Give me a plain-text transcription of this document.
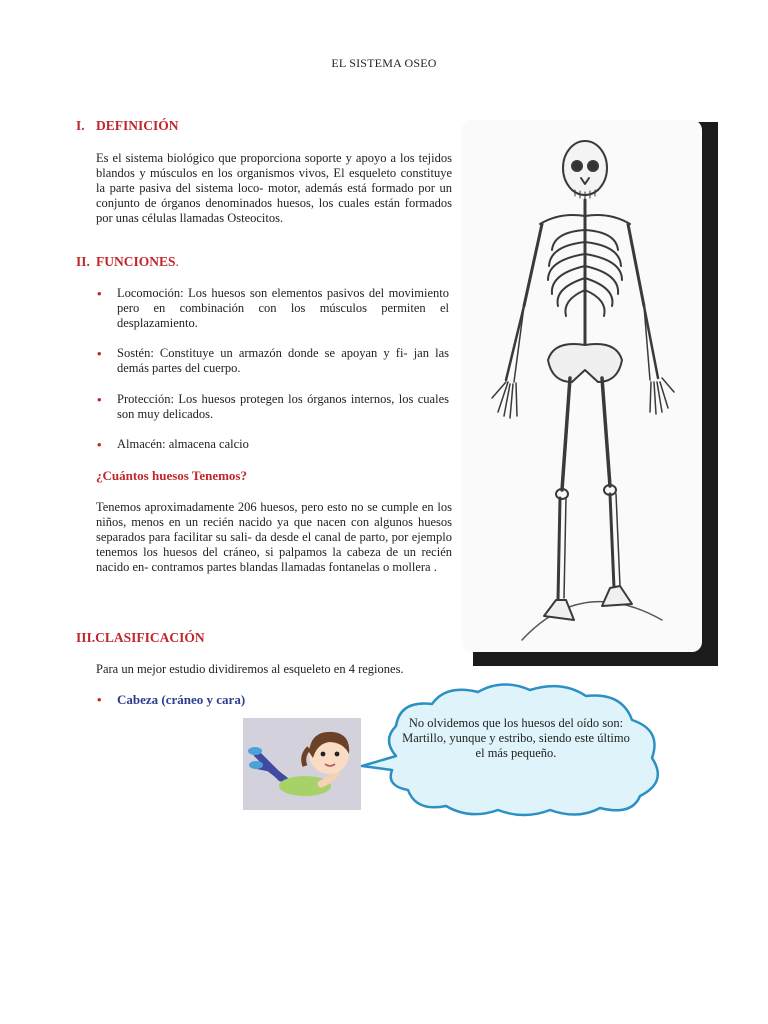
EL SISTEMA OSEO
I. DEFINICIÓN
Es el sistema biológico que proporciona soporte y apoyo a los tejidos blandos y músculos en los organismos vivos, El esqueleto constituye la parte pasiva del sistema loco- motor, además está formado por un conjunto de órganos denominados huesos, los cuales están formados por unas células llamadas Osteocitos.
II. FUNCIONES.
• Locomoción: Los huesos son elementos pasivos del movimiento pero en combinación con los músculos permiten el desplazamiento.
• Sostén: Constituye un armazón donde se apoyan y fi- jan las demás partes del cuerpo.
• Protección: Los huesos protegen los órganos internos, los cuales son muy delicados.
• Almacén: almacena calcio
¿Cuántos huesos Tenemos?
Tenemos aproximadamente 206 huesos, pero esto no se cumple en los niños, menos en un recién nacido ya que nacen con algunos huesos separados para facilitar su sali- da desde el canal de parto, por ejemplo tenemos los huesos del cráneo, si palpamos la cabeza de un recién nacido en- contramos partes blandas llamadas fontanelas o mollera .
III.CLASIFICACIÓN
Para un mejor estudio dividiremos al esqueleto en 4 regiones.
• Cabeza (cráneo y cara)
No olvidemos que los huesos del oído son: Martillo, yunque y estribo, siendo este último el más pequeño.
